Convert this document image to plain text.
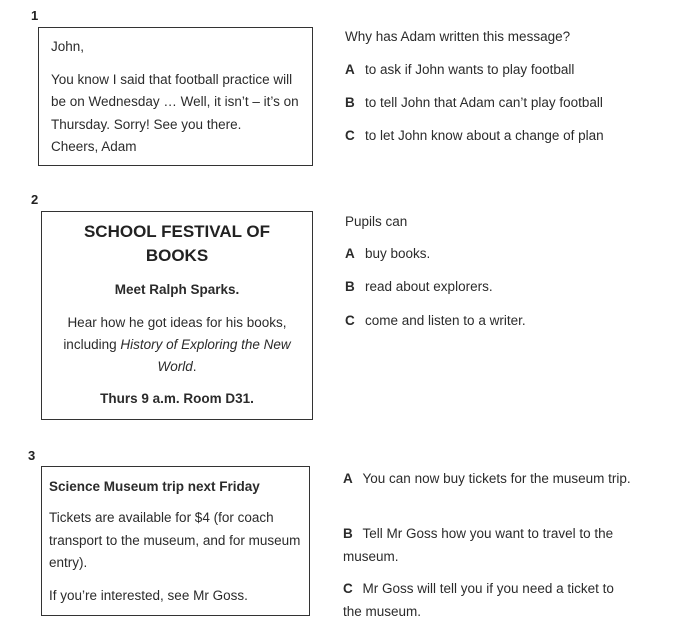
1

John,

You know I said that football practice will be on Wednesday … Well, it isn’t – it’s on Thursday. Sorry! See you there.

Cheers, Adam

Why has Adam written this message?
A to ask if John wants to play football
B to tell John that Adam can’t play football
C to let John know about a change of plan
2

SCHOOL FESTIVAL OF BOOKS

Meet Ralph Sparks.

Hear how he got ideas for his books, including History of Exploring the New World.

Thurs 9 a.m. Room D31.

Pupils can
A buy books.
B read about explorers.
C come and listen to a writer.
3

Science Museum trip next Friday

Tickets are available for $4 (for coach transport to the museum, and for museum entry).

If you’re interested, see Mr Goss.

A You can now buy tickets for the museum trip.
B Tell Mr Goss how you want to travel to the museum.
C Mr Goss will tell you if you need a ticket to the museum.
